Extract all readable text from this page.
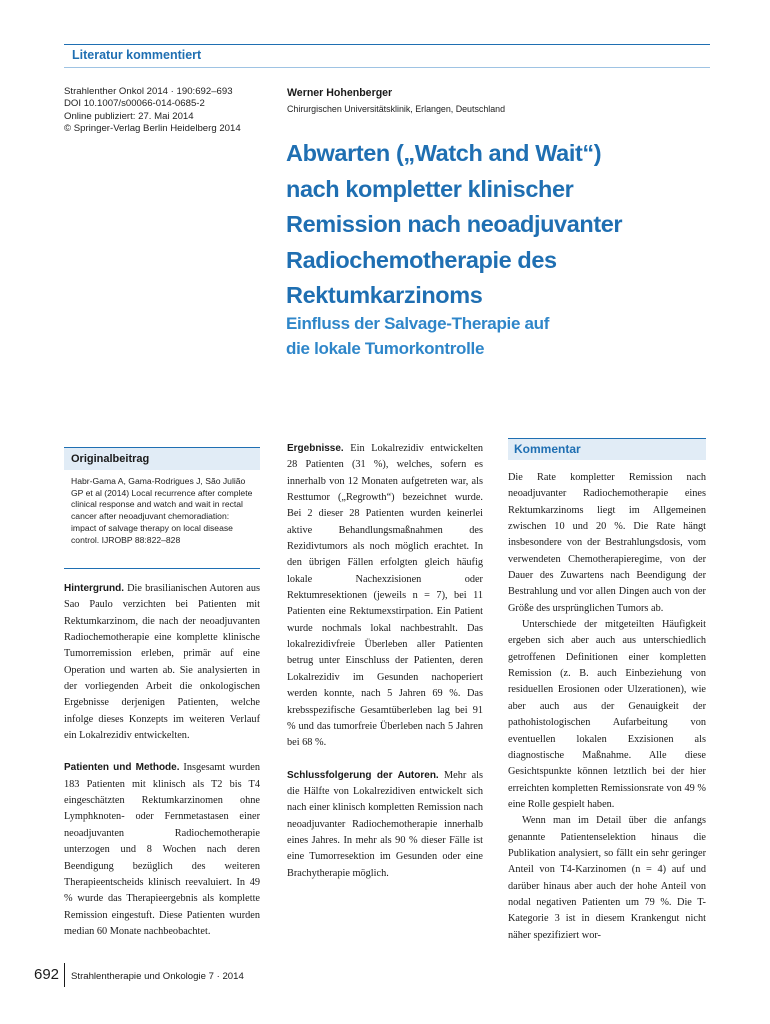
Literatur kommentiert
Strahlenther Onkol 2014 · 190:692–693
DOI 10.1007/s00066-014-0685-2
Online publiziert: 27. Mai 2014
© Springer-Verlag Berlin Heidelberg 2014
Werner Hohenberger
Chirurgischen Universitätsklinik, Erlangen, Deutschland
Abwarten („Watch and Wait“)
nach kompletter klinischer
Remission nach neoadjuvanter
Radiochemotherapie des
Rektumkarzinoms
Einfluss der Salvage-Therapie auf
die lokale Tumorkontrolle
Originalbeitrag
Habr-Gama A, Gama-Rodrigues J, São Julião GP et al (2014) Local recurrence after complete clinical response and watch and wait in rectal cancer after neoadjuvant chemoradiation: impact of salvage therapy on local disease control. IJROBP 88:822–828

Hintergrund. Die brasilianischen Autoren aus Sao Paulo verzichten bei Patienten mit Rektumkarzinom, die nach der neoadjuvanten Radiochemotherapie eine komplette klinische Tumorremission erleben, primär auf eine Operation und warten ab. Sie analysierten in der vorliegenden Arbeit die onkologischen Ergebnisse derjenigen Patienten, welche infolge dieses Konzepts im weiteren Verlauf ein Lokalrezidiv entwickelten.

Patienten und Methode. Insgesamt wurden 183 Patienten mit klinisch als T2 bis T4 eingeschätzten Rektumkarzinomen ohne Lymphknoten- oder Fernmetastasen einer neoadjuvanten Radiochemotherapie unterzogen und 8 Wochen nach deren Beendigung bezüglich des weiteren Therapieentscheids klinisch reevaluiert. In 49 % wurde das Therapieergebnis als komplette Remission eingestuft. Diese Patienten wurden median 60 Monate nachbeobachtet.

Ergebnisse. Ein Lokalrezidiv entwickelten 28 Patienten (31 %), welches, sofern es innerhalb von 12 Monaten aufgetreten war, als Resttumor („Regrowth“) bezeichnet wurde. Bei 2 dieser 28 Patienten wurden keinerlei aktive Behandlungsmaßnahmen des Rezidivtumors als noch möglich erachtet. In den übrigen Fällen erfolgten gleich häufig lokale Nachexzisionen oder Rektumresektionen (jeweils n = 7), bei 11 Patienten eine Rektumexstirpation. Ein Patient wurde nochmals lokal nachbestrahlt. Das lokalrezidivfreie Überleben aller Patienten betrug unter Einschluss der Patienten, deren Lokalrezidiv im Gesunden nachoperiert werden konnte, nach 5 Jahren 69 %. Das krebsspezifische Gesamtüberleben lag bei 91 % und das tumorfreie Überleben nach 5 Jahren bei 68 %.

Schlussfolgerung der Autoren. Mehr als die Hälfte von Lokalrezidiven entwickelt sich nach einer klinisch kompletten Remission nach neoadjuvanter Radiochemotherapie innerhalb eines Jahres. In mehr als 90 % dieser Fälle ist eine Tumorresektion im Gesunden oder eine Brachytherapie möglich.

Kommentar

Die Rate kompletter Remission nach neoadjuvanter Radiochemotherapie eines Rektumkarzinoms liegt im Allgemeinen zwischen 10 und 20 %. Die Rate hängt insbesondere von der Bestrahlungsdosis, vom verwendeten Chemotherapieregime, von der Dauer des Zuwartens nach Beendigung der Bestrahlung und vor allen Dingen auch von der Größe des ursprünglichen Tumors ab.

Unterschiede der mitgeteilten Häufigkeit ergeben sich aber auch aus unterschiedlich getroffenen Definitionen einer kompletten Remission (z. B. auch Einbeziehung von residuellen Erosionen oder Ulzerationen), wie aber auch aus der Genauigkeit der pathohistologischen Aufarbeitung von eventuellen lokalen Exzisionen als diagnostische Maßnahme. Alle diese Gesichtspunkte können letztlich bei der hier erreichten kompletten Remissionsrate von 49 % eine Rolle gespielt haben.

Wenn man im Detail über die anfangs genannte Patientenselektion hinaus die Publikation analysiert, so fällt ein sehr geringer Anteil von T4-Karzinomen (n = 4) auf und darüber hinaus aber auch der hohe Anteil von nodal negativen Patienten um 79 %. Die T-Kategorie 3 ist in diesem Krankengut nicht näher spezifiziert wor-

692 Strahlentherapie und Onkologie 7 · 2014
